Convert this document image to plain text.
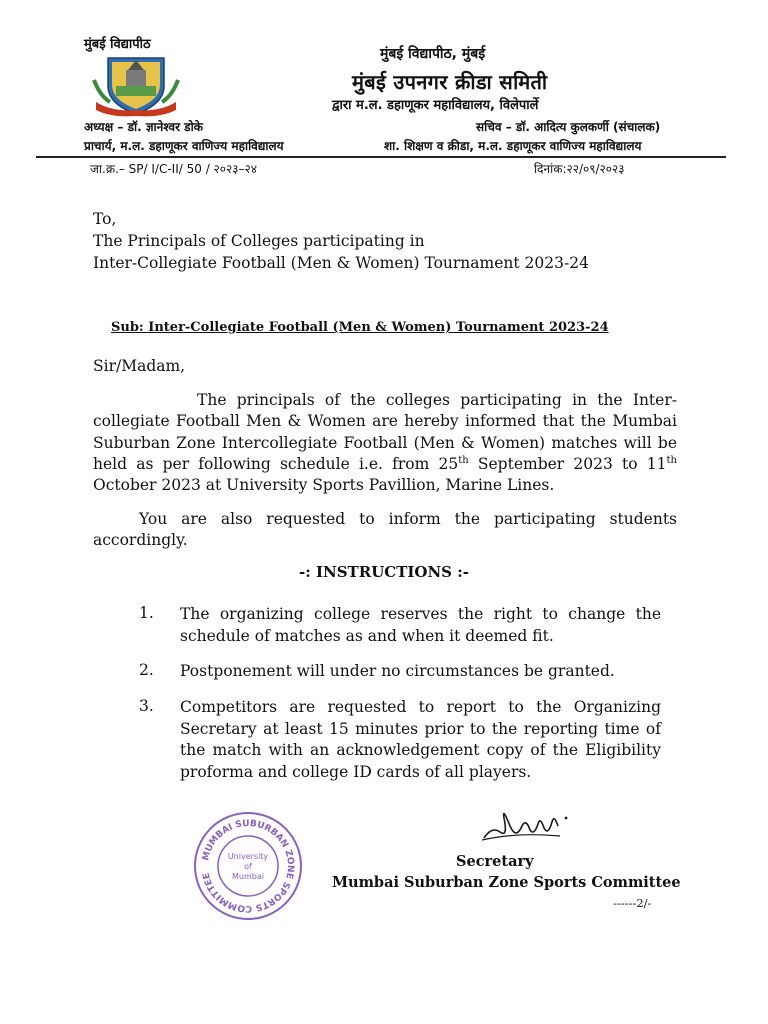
मुंबई विद्यापीठ
मुंबई विद्यापीठ, मुंबई
मुंबई उपनगर क्रीडा समिती
द्वारा म.ल. डहाणूकर महाविद्यालय, विलेपार्ले
अध्यक्ष – डॉ. ज्ञानेश्वर डोके
प्राचार्य, म.ल. डहाणूकर वाणिज्य महाविद्यालय
सचिव – डॉ. आदित्य कुलकर्णी (संचालक)
शा. शिक्षण व क्रीडा, म.ल. डहाणूकर वाणिज्य महाविद्यालय
जा.क्र.– SP/ I/C-II/ 50 / २०२३–२४	दिनांक:२२/०९/२०२३
To,
The Principals of Colleges participating in
Inter-Collegiate Football (Men & Women) Tournament 2023-24
Sub: Inter-Collegiate Football (Men & Women) Tournament 2023-24
Sir/Madam,
The principals of the colleges participating in the Inter-collegiate Football Men & Women are hereby informed that the Mumbai Suburban Zone Intercollegiate Football (Men & Women) matches will be held as per following schedule i.e. from 25th September 2023 to 11th October 2023 at University Sports Pavillion, Marine Lines.
You are also requested to inform the participating students accordingly.
-: INSTRUCTIONS :-
1. The organizing college reserves the right to change the schedule of matches as and when it deemed fit.
2. Postponement will under no circumstances be granted.
3. Competitors are requested to report to the Organizing Secretary at least 15 minutes prior to the reporting time of the match with an acknowledgement copy of the Eligibility proforma and college ID cards of all players.
MUMBAI SUBURBAN ZONE SPORTS COMMITTEE
University
of
Mumbai
Secretary
Mumbai Suburban Zone Sports Committee
------2/-
